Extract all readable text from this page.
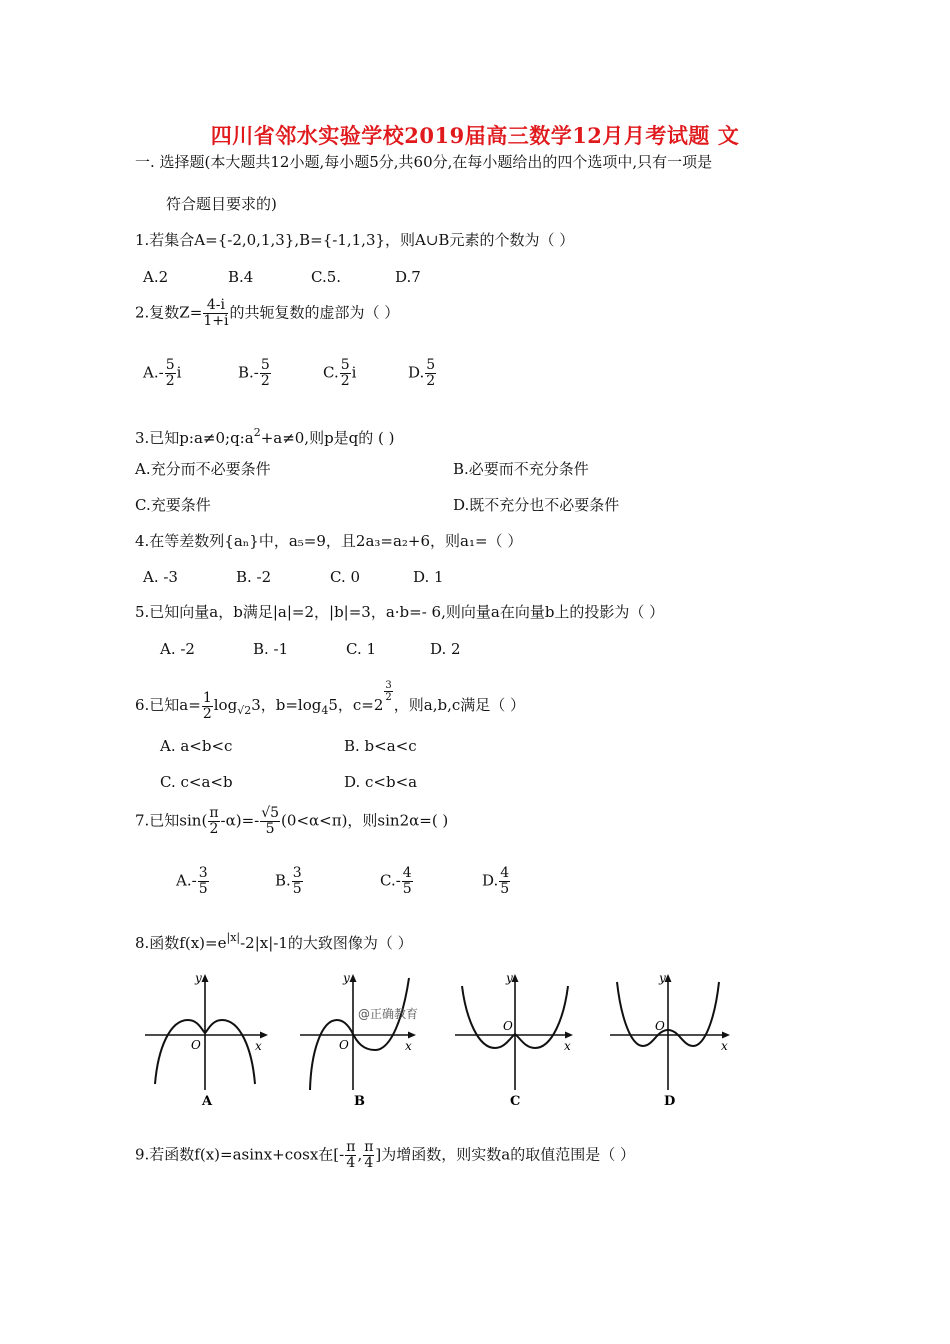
四川省邻水实验学校2019届高三数学12月月考试题 文
一. 选择题(本大题共12小题,每小题5分,共60分,在每小题给出的四个选项中,只有一项是
符合题目要求的)
1.若集合A={-2,0,1,3},B={-1,1,3}，则A∪B元素的个数为（ ）
A.2	B.4	C.5.	D.7
2.复数$Z= \frac{4-i}{1+i}$ 的共轭复数的虚部为（ ）
$A.- \frac{5}{2}$ i	$B.- \frac{5}{2}$	C. $\frac{5}{2}$ i	D. $\frac{5}{2}$
3.已知$p:a\ne 0;q:a^2+a\ne 0$,则p是q的 ( )
A.充分而不必要条件	B.必要而不充分条件
C.充要条件	D.既不充分也不必要条件
4.在等差数列{aₙ}中，a₅=9，且2a₃=a₂+6，则a₁=（ ）
A. -3	B. -2	C. 0	D. 1
5.已知向量a，b满足|a|=2，|b|=3，a·b=- 6,则向量a在向量b上的投影为（ ）
A. -2	B. -1	C. 1	D. 2
6.已知$a= \frac{1}{2} \log_{√2}3$，$b=\log_45$，c=2
$\frac{3}{2}$
，则a,b,c满足（ ）
A. a<b<c	B. b<a<c
C. c<a<b	D. c<b<a
7.已知$\sin( \frac{\pi}{2} -\alpha)=- \frac{√5}{5} (0<\alpha<\pi)$，则sin2α=( )
$A.- \frac{3}{5}$	B. $\frac{3}{5}$	$C.- \frac{4}{5}$	D. $\frac{4}{5}$
8.函数$f(x)=e^{|x|}-2|x|-1$的大致图像为（ ）
y
x
O
A
y
x
O
@正确教育
B
y
x
O
C
y
x
O
D
9.若函数f(x)=asinx+cosx在[- $\frac{\pi}{4}$ , $\frac{\pi}{4}$ ]为增函数，则实数a的取值范围是（ ）
